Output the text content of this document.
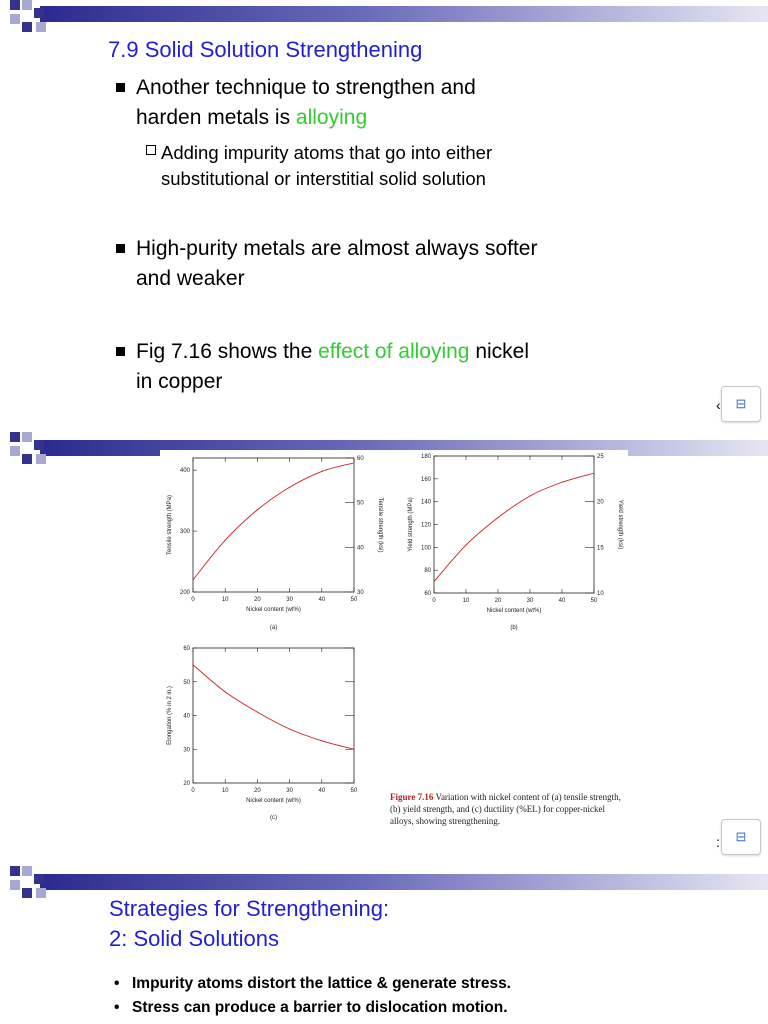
7.9 Solid Solution Strengthening
Another technique to strengthen and
harden metals is alloying
Adding impurity atoms that go into either
substitutional or interstitial solid solution
High-purity metals are almost always softer
and weaker
Fig 7.16 shows the effect of alloying nickel
in copper
‹ ⊟
: ⊟
0	10	20	30	40	50
200
300
400
30
40
50
60
Tensile strength (ksi)
Nickel content (wt%)
Tensile strength (MPa)
(a)
0	10	20	30	40	50
60
80
100
120
140
160
180
10
15
20
25
Yield strength (ksi)
Nickel content (wt%)
Yield strength (MPa)
(b)
0	10	20	30	40	50
20
30
40
50
60
Nickel content (wt%)
Elongation (% in 2 in.)
(c)
Figure 7.16 Variation with nickel content of (a) tensile strength, (b) yield strength, and (c) ductility (%EL) for copper-nickel alloys, showing strengthening.
Strategies for Strengthening:
2: Solid Solutions
• Impurity atoms distort the lattice & generate stress.
• Stress can produce a barrier to dislocation motion.
